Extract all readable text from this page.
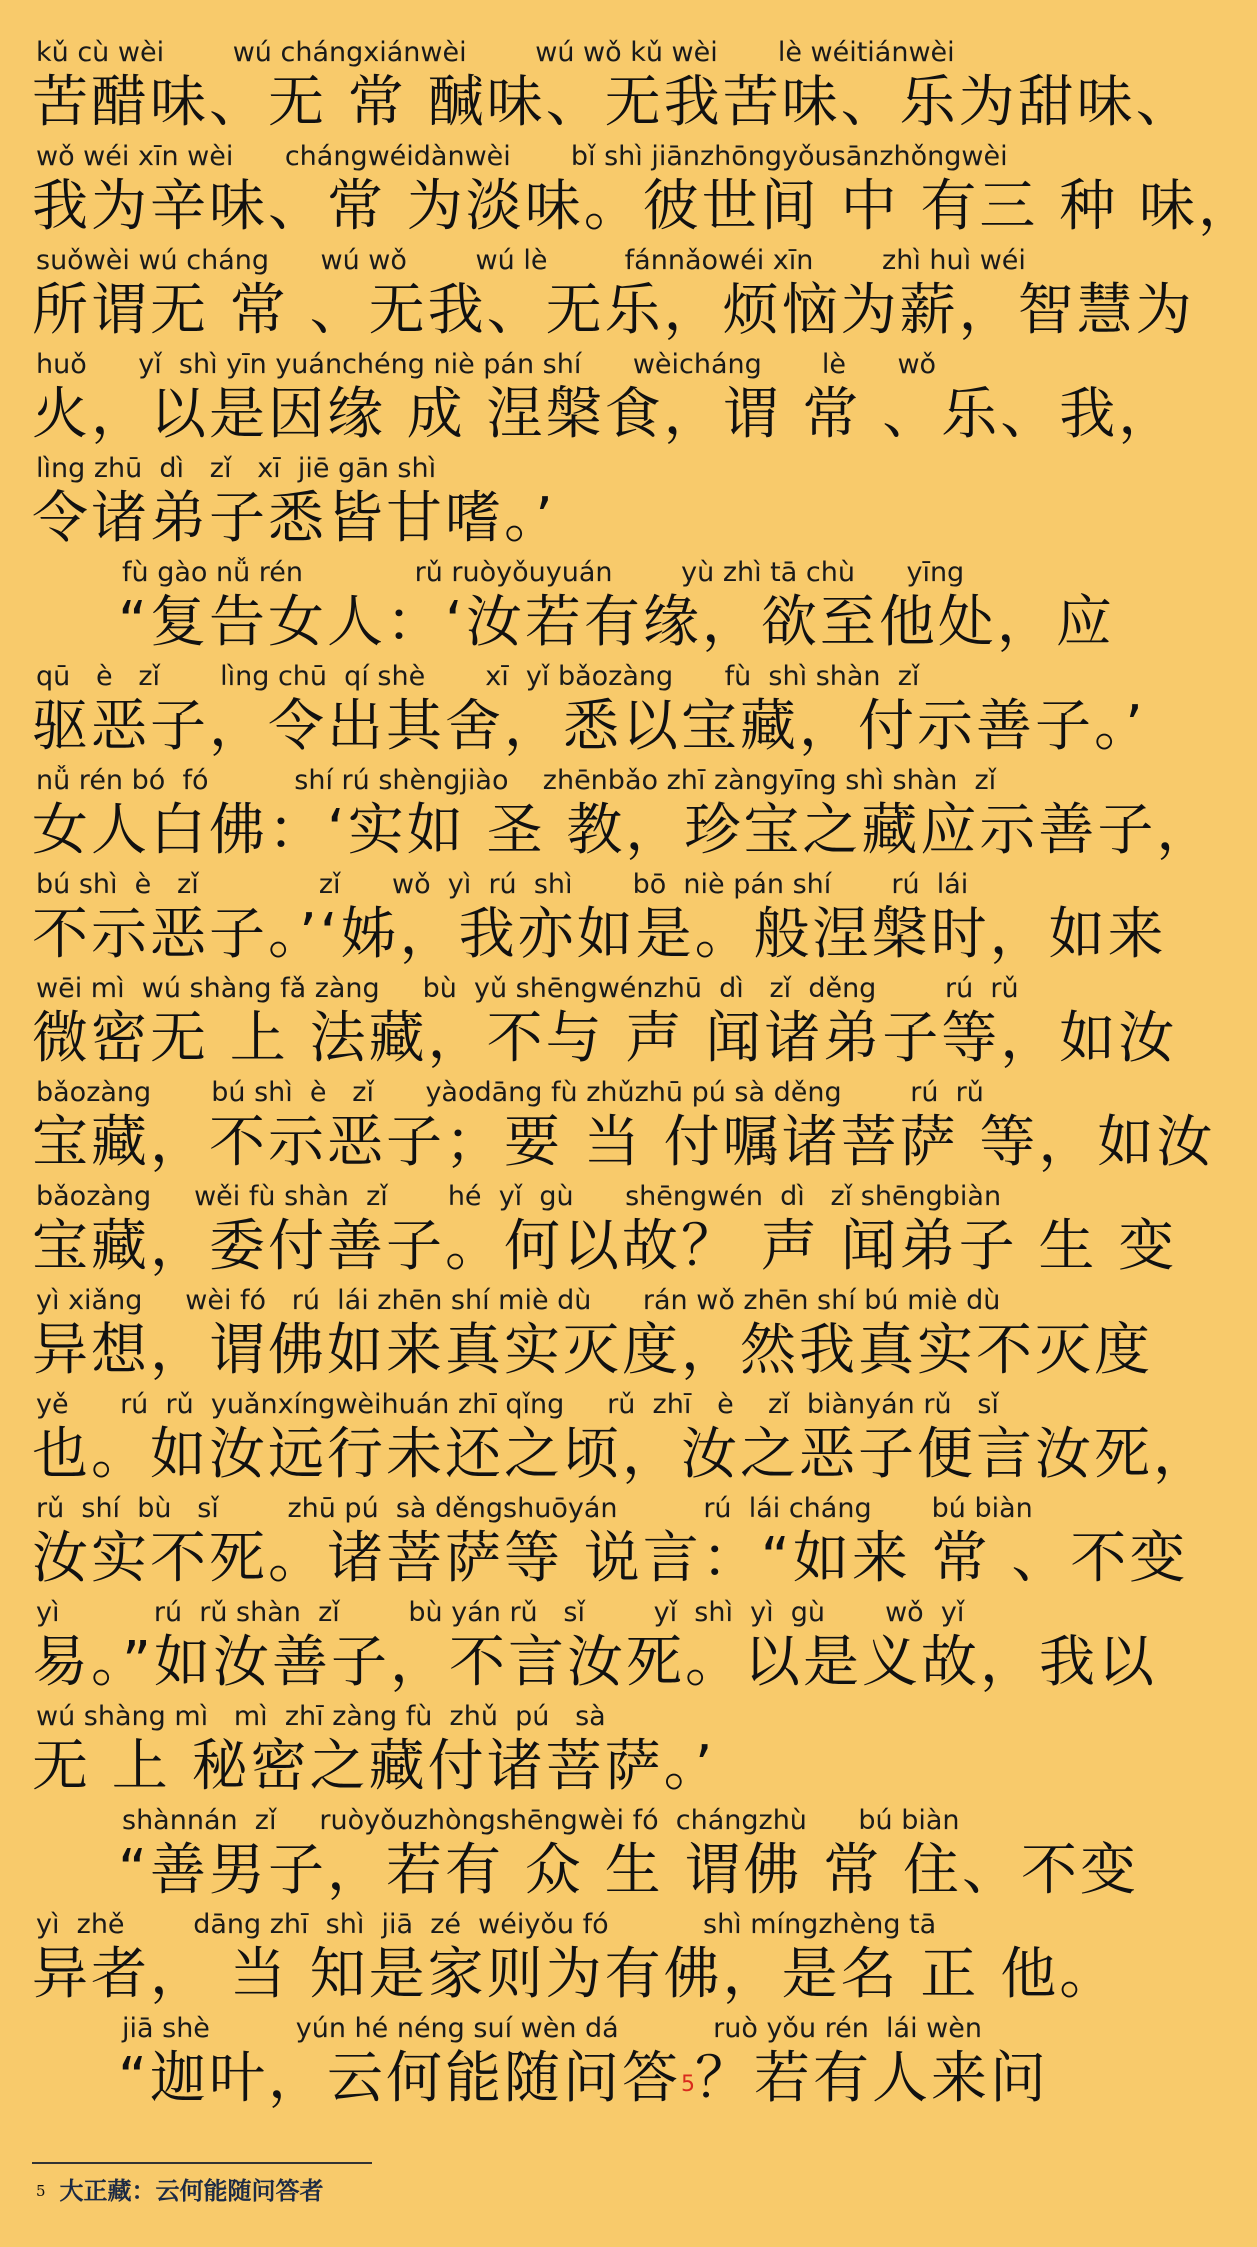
kǔ cù wèi        wú chángxiánwèi        wú wǒ kǔ wèi       lè wéitiánwèi
苦醋味、无 常 醎味、无我苦味、乐为甜味、
wǒ wéi xīn wèi      chángwéidànwèi       bǐ shì jiānzhōngyǒusānzhǒngwèi
我为辛味、常 为淡味。彼世间 中 有三 种 味，
suǒwèi wú cháng      wú wǒ        wú lè         fánnǎowéi xīn        zhì huì wéi
所谓无 常 、无我、无乐，烦恼为薪，智慧为
huǒ      yǐ  shì yīn yuánchéng niè pán shí      wèicháng       lè      wǒ
火，以是因缘 成 涅槃食，谓 常 、乐、我，
lìng zhū  dì   zǐ   xī  jiē gān shì
令诸弟子悉皆甘嗜。’
fù gào nǚ rén             rǔ ruòyǒuyuán        yù zhì tā chù      yīng
“复告女人：‘汝若有缘，欲至他处，应
qū   è   zǐ       lìng chū  qí shè       xī  yǐ bǎozàng      fù  shì shàn  zǐ
驱恶子，令出其舍，悉以宝藏，付示善子。’
nǚ rén bó  fó          shí rú shèngjiào    zhēnbǎo zhī zàngyīng shì shàn  zǐ
女人白佛：‘实如 圣 教，珍宝之藏应示善子，
bú shì  è   zǐ              zǐ      wǒ  yì  rú  shì       bō  niè pán shí       rú  lái
不示恶子。’‘姊，我亦如是。般涅槃时，如来
wēi mì  wú shàng fǎ zàng     bù  yǔ shēngwénzhū  dì   zǐ  děng        rú  rǔ
微密无 上 法藏，不与 声 闻诸弟子等，如汝
bǎozàng       bú shì  è   zǐ      yàodāng fù zhǔzhū pú sà děng        rú  rǔ
宝藏，不示恶子；要 当 付嘱诸菩萨 等，如汝
bǎozàng     wěi fù shàn  zǐ       hé  yǐ  gù      shēngwén  dì   zǐ shēngbiàn
宝藏，委付善子。何以故？ 声 闻弟子 生 变
yì xiǎng     wèi fó   rú  lái zhēn shí miè dù      rán wǒ zhēn shí bú miè dù
异想，谓佛如来真实灭度，然我真实不灭度
yě      rú  rǔ  yuǎnxíngwèihuán zhī qǐng     rǔ  zhī   è    zǐ  biànyán rǔ   sǐ
也。如汝远行未还之顷，汝之恶子便言汝死，
rǔ  shí  bù   sǐ        zhū pú  sà děngshuōyán          rú  lái cháng       bú biàn
汝实不死。诸菩萨等 说言：“如来 常 、不变
yì           rú  rǔ shàn  zǐ        bù yán rǔ   sǐ        yǐ  shì  yì  gù       wǒ  yǐ
易。”如汝善子，不言汝死。以是义故，我以
wú shàng mì   mì  zhī zàng fù  zhǔ  pú   sà
无 上 秘密之藏付诸菩萨。’
shànnán  zǐ     ruòyǒuzhòngshēngwèi fó  chángzhù      bú biàn
“善男子，若有 众 生 谓佛 常 住、不变
yì  zhě        dāng zhī  shì  jiā  zé  wéiyǒu fó           shì míngzhèng tā
异者， 当 知是家则为有佛，是名 正 他。
jiā shè          yún hé néng suí wèn dá           ruò yǒu rén  lái wèn
“迦叶，云何能随问答$^5$？若有人来问
$^5$ 大正藏：云何能随问答者
